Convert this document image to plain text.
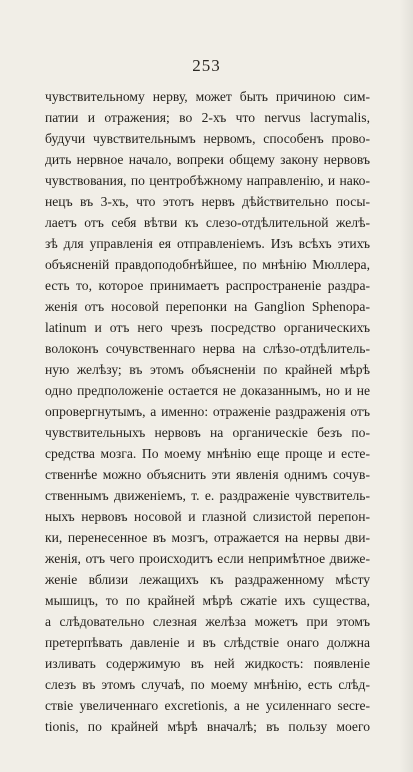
253
чувствительному нерву, может быть причиною сим-
патии и отражения; во 2-хъ что nervus lacrymalis,
будучи чувствительнымъ нервомъ, способенъ прово-
дить нервное начало, вопреки общему закону нервовъ
чувствования, по центробѣжному направленію, и нако-
нецъ въ 3-хъ, что этотъ нервъ дѣйствительно посы-
лаетъ отъ себя вѣтви къ слезо-отдѣлительной желѣ-
зѣ для управленія ея отправленіемъ. Изъ всѣхъ этихъ
объясненій правдоподобнѣйшее, по мнѣнію Мюллера,
есть то, которое принимаетъ распространеніе раздра-
женія отъ носовой перепонки на Ganglion Sphenopa-
latinum и отъ него чрезъ посредство органическихъ
волоконъ сочувственнаго нерва на слѣзо-отдѣлитель-
ную желѣзу; въ этомъ объясненіи по крайней мѣрѣ
одно предположеніе остается не доказаннымъ, но и не
опровергнутымъ, а именно: отраженіе раздраженія отъ
чувствительныхъ нервовъ на органическіе безъ по-
средства мозга. По моему мнѣнію еще проще и есте-
ственнѣе можно объяснить эти явленія однимъ сочув-
ственнымъ движеніемъ, т. е. раздраженіе чувствитель-
ныхъ нервовъ носовой и глазной слизистой перепон-
ки, перенесенное въ мозгъ, отражается на нервы дви-
женія, отъ чего происходитъ если непримѣтное движе-
женіе вблизи лежащихъ къ раздраженному мѣсту
мышицъ, то по крайней мѣрѣ сжатіе ихъ существа,
а слѣдовательно слезная желѣза можетъ при этомъ
претерпѣвать давленіе и въ слѣдствіе онаго должна
изливать содержимую въ ней жидкость: появленіе
слезъ въ этомъ случаѣ, по моему мнѣнію, есть слѣд-
ствіе увеличеннаго excretionis, а не усиленнаго secre-
tionis, по крайней мѣрѣ вначалѣ; въ пользу моего
